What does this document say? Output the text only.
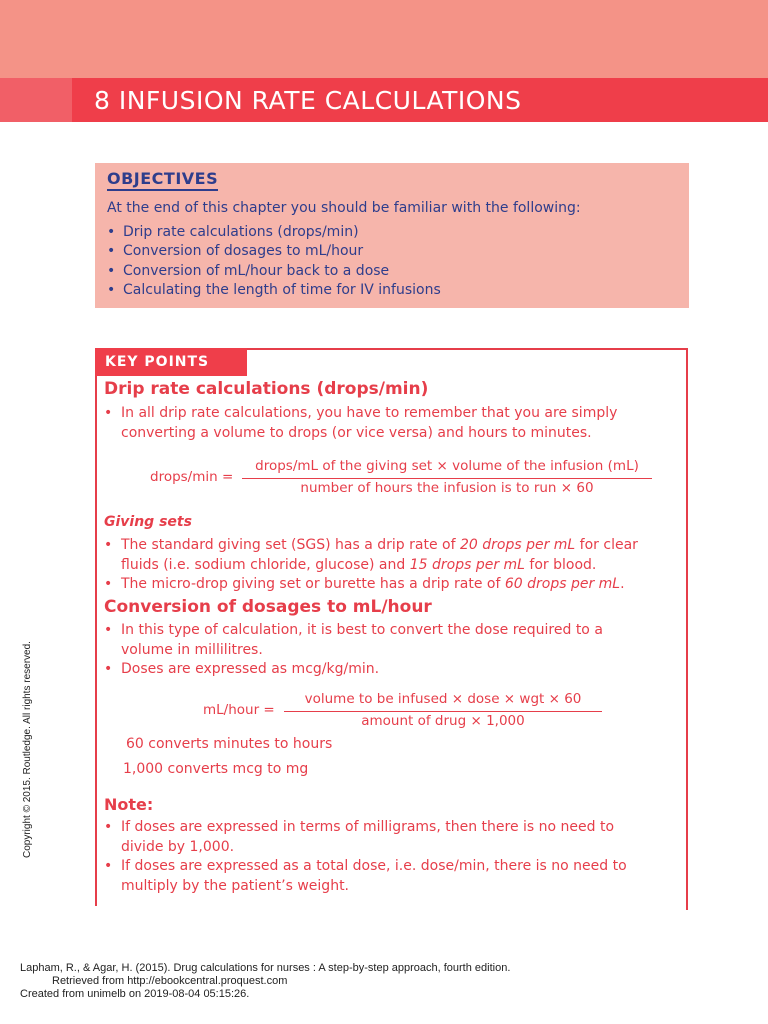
8 INFUSION RATE CALCULATIONS
OBJECTIVES
At the end of this chapter you should be familiar with the following:
• Drip rate calculations (drops/min)
• Conversion of dosages to mL/hour
• Conversion of mL/hour back to a dose
• Calculating the length of time for IV infusions
KEY POINTS
Drip rate calculations (drops/min)
• In all drip rate calculations, you have to remember that you are simply
converting a volume to drops (or vice versa) and hours to minutes.
drops/min =
drops/mL of the giving set × volume of the infusion (mL)
number of hours the infusion is to run × 60
Giving sets
• The standard giving set (SGS) has a drip rate of 20 drops per mL for clear
fluids (i.e. sodium chloride, glucose) and 15 drops per mL for blood.
• The micro-drop giving set or burette has a drip rate of 60 drops per mL.
Conversion of dosages to mL/hour
• In this type of calculation, it is best to convert the dose required to a
volume in millilitres.
• Doses are expressed as mcg/kg/min.
mL/hour =
volume to be infused × dose × wgt × 60
amount of drug × 1,000
60 converts minutes to hours
1,000 converts mcg to mg
Note:
• If doses are expressed in terms of milligrams, then there is no need to
divide by 1,000.
• If doses are expressed as a total dose, i.e. dose/min, there is no need to
multiply by the patient’s weight.
Copyright © 2015. Routledge. All rights reserved.
Lapham, R., & Agar, H. (2015). Drug calculations for nurses : A step-by-step approach, fourth edition.
Retrieved from http://ebookcentral.proquest.com
Created from unimelb on 2019-08-04 05:15:26.
